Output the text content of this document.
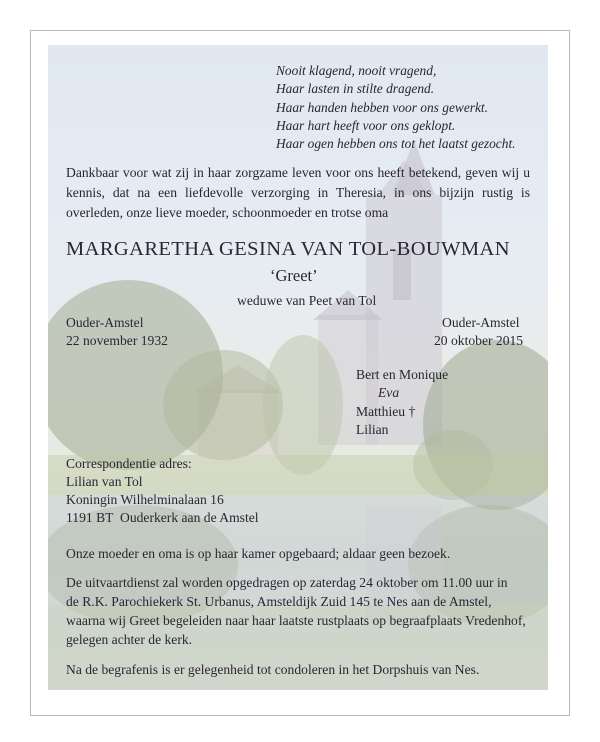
Nooit klagend, nooit vragend,
Haar lasten in stilte dragend.
Haar handen hebben voor ons gewerkt.
Haar hart heeft voor ons geklopt.
Haar ogen hebben ons tot het laatst gezocht.
Dankbaar voor wat zij in haar zorgzame leven voor ons heeft betekend, geven wij u kennis, dat na een liefdevolle verzorging in Theresia, in ons bijzijn rustig is overleden, onze lieve moeder, schoonmoeder en trotse oma
MARGARETHA GESINA VAN TOL-BOUWMAN
‘Greet’
weduwe van Peet van Tol
Ouder-Amstel
22 november 1932
Ouder-Amstel
20 oktober 2015
Bert en Monique
Eva
Matthieu †
Lilian
Correspondentie adres:
Lilian van Tol
Koningin Wilhelminalaan 16
1191 BT  Ouderkerk aan de Amstel
Onze moeder en oma is op haar kamer opgebaard; aldaar geen bezoek.
De uitvaartdienst zal worden opgedragen op zaterdag 24 oktober om 11.00 uur in
de R.K. Parochiekerk St. Urbanus, Amsteldijk Zuid 145 te Nes aan de Amstel,
waarna wij Greet begeleiden naar haar laatste rustplaats op begraafplaats Vredenhof,
gelegen achter de kerk.
Na de begrafenis is er gelegenheid tot condoleren in het Dorpshuis van Nes.
